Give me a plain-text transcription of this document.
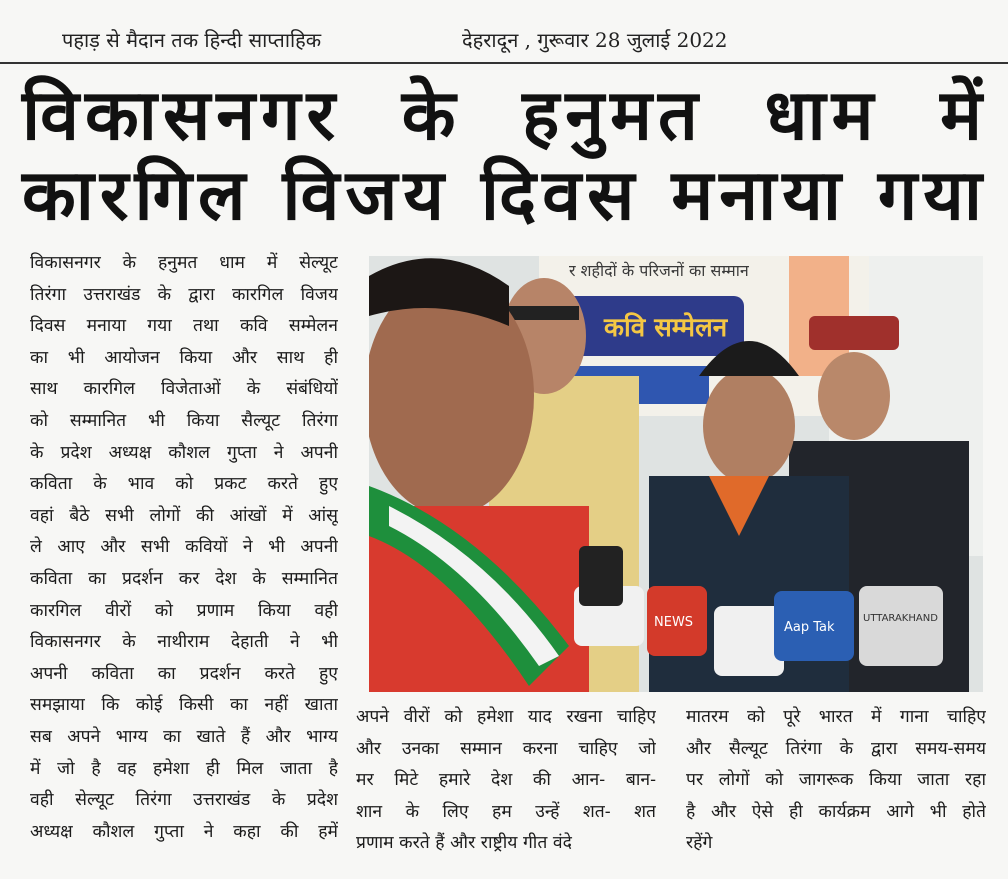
पहाड़ से मैदान तक हिन्दी साप्ताहिक	देहरादून , गुरूवार 28 जुलाई 2022
विकासनगर के हनुमत धाम में
कारगिल विजय दिवस मनाया गया
विकासनगर के हनुमत धाम में सेल्यूट
तिरंगा उत्तराखंड के द्वारा कारगिल विजय
दिवस मनाया गया तथा कवि सम्मेलन
का भी आयोजन किया और साथ ही
साथ कारगिल विजेताओं के संबंधियों
को सम्मानित भी किया सैल्यूट तिरंगा
के प्रदेश अध्यक्ष कौशल गुप्ता ने अपनी
कविता के भाव को प्रकट करते हुए
वहां बैठे सभी लोगों की आंखों में आंसू
ले आए और सभी कवियों ने भी अपनी
कविता का प्रदर्शन कर देश के सम्मानित
कारगिल वीरों को प्रणाम किया वही
विकासनगर के नाथीराम देहाती ने भी
अपनी कविता का प्रदर्शन करते हुए
समझाया कि कोई किसी का नहीं खाता
सब अपने भाग्य का खाते हैं और भाग्य
में जो है वह हमेशा ही मिल जाता है
वही सेल्यूट तिरंगा उत्तराखंड के प्रदेश
अध्यक्ष कौशल गुप्ता ने कहा की हमें
अपने वीरों को हमेशा याद रखना चाहिए
और उनका सम्मान करना चाहिए जो
मर मिटे हमारे देश की आन- बान-
शान के लिए हम उन्हें शत- शत
प्रणाम करते हैं और राष्ट्रीय गीत वंदे
मातरम को पूरे भारत में गाना चाहिए
और सैल्यूट तिरंगा के द्वारा समय-समय
पर लोगों को जागरूक किया जाता रहा
है और ऐसे ही कार्यक्रम आगे भी होते
रहेंगे
र शहीदों के परिजनों का सम्मान
कवि सम्मेलन
Aap Tak
UTTARAKHAND
NEWS
